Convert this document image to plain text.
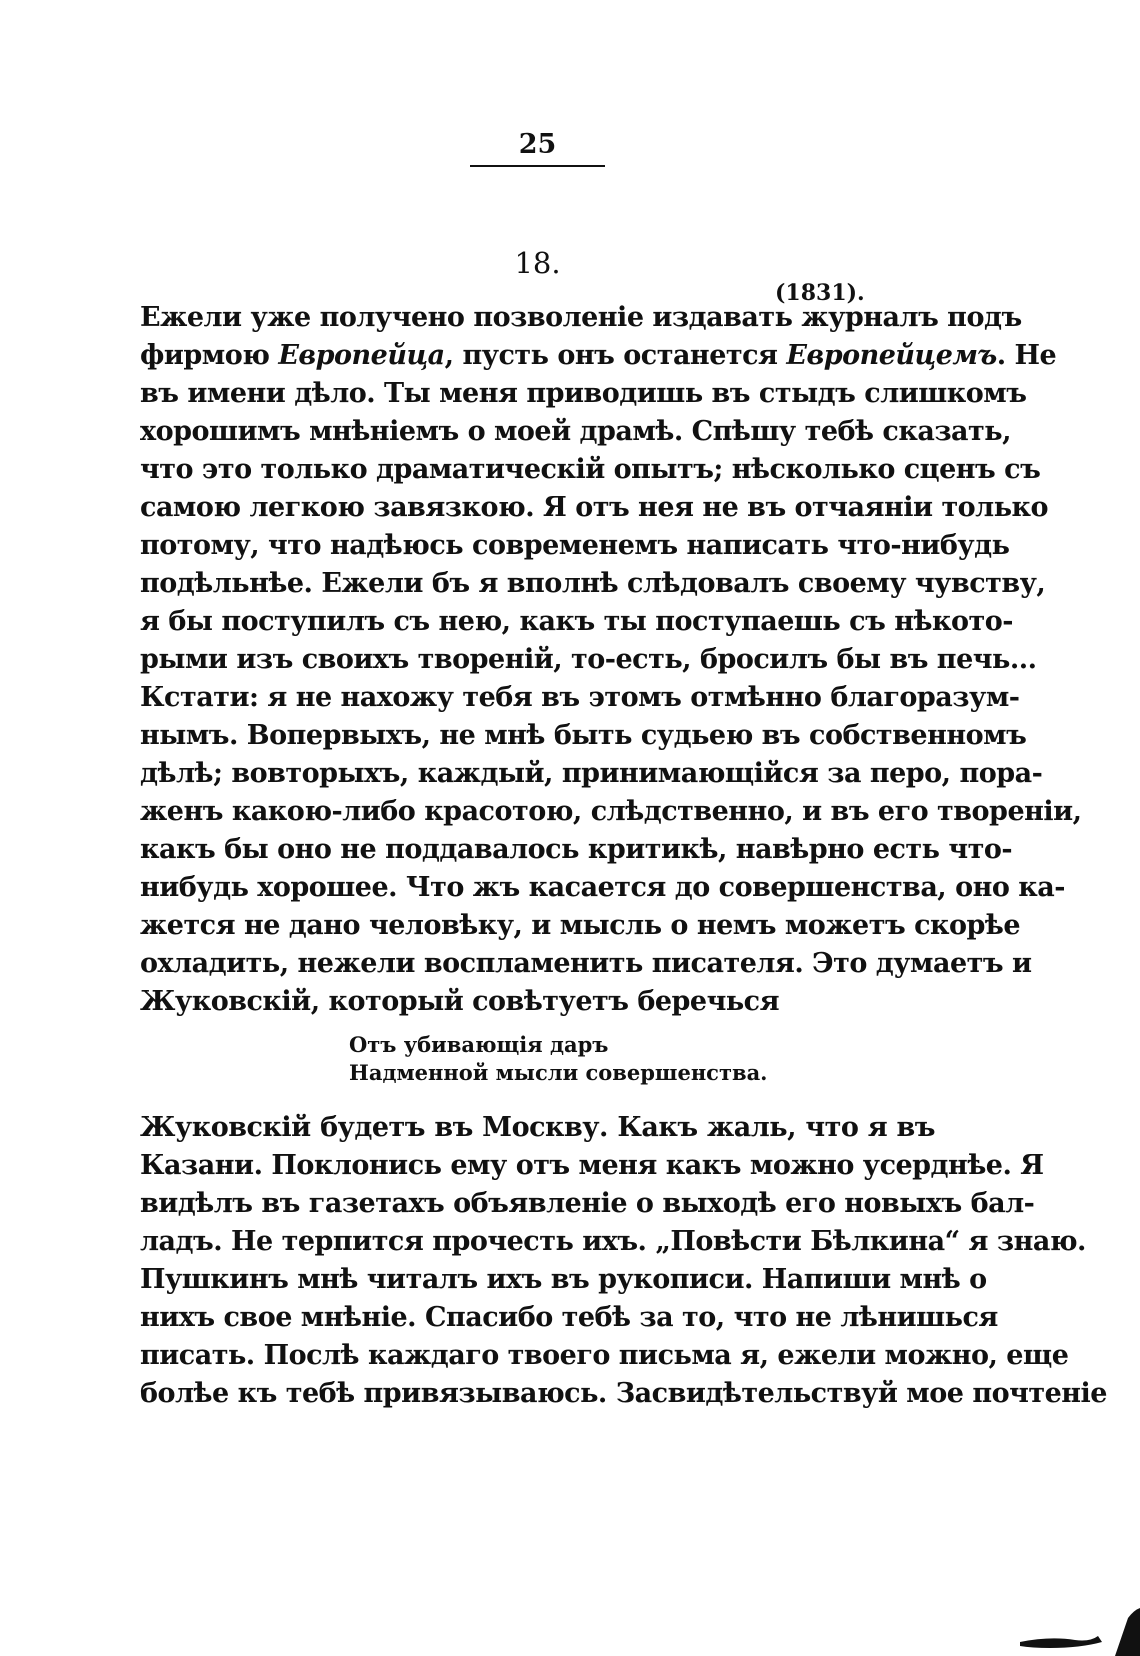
25
18.
(1831).
Ежели уже получено позволеніе издавать журналъ подъ
фирмою Европейца, пусть онъ останется Европейцемъ. Не
въ имени дѣло. Ты меня приводишь въ стыдъ слишкомъ
хорошимъ мнѣніемъ о моей драмѣ. Спѣшу тебѣ сказать,
что это только драматическій опытъ; нѣсколько сценъ съ
самою легкою завязкою. Я отъ нея не въ отчаяніи только
потому, что надѣюсь современемъ написать что-нибудь
подѣльнѣе. Ежели бъ я вполнѣ слѣдовалъ своему чувству,
я бы поступилъ съ нею, какъ ты поступаешь съ нѣкото-
рыми изъ своихъ твореній, то-есть, бросилъ бы въ печь...
Кстати: я не нахожу тебя въ этомъ отмѣнно благоразум-
нымъ. Вопервыхъ, не мнѣ быть судьею въ собственномъ
дѣлѣ; вовторыхъ, каждый, принимающійся за перо, пора-
женъ какою-либо красотою, слѣдственно, и въ его творенiи,
какъ бы оно не поддавалось критикѣ, навѣрно есть что-
нибудь хорошее. Что жъ касается до совершенства, оно ка-
жется не дано человѣку, и мысль о немъ можетъ скорѣе
охладить, нежели воспламенить писателя. Это думаетъ и
Жуковскій, который совѣтуетъ беречься
Отъ убивающія даръ
Надменной мысли совершенства.
Жуковскій будетъ въ Москву. Какъ жаль, что я въ
Казани. Поклонись ему отъ меня какъ можно усерднѣе. Я
видѣлъ въ газетахъ объявленіе о выходѣ его новыхъ бал-
ладъ. Не терпится прочесть ихъ. „Повѣсти Бѣлкина“ я знаю.
Пушкинъ мнѣ читалъ ихъ въ рукописи. Напиши мнѣ о
нихъ свое мнѣніе. Спасибо тебѣ за то, что не лѣнишься
писать. Послѣ каждаго твоего письма я, ежели можно, еще
болѣе къ тебѣ привязываюсь. Засвидѣтельствуй мое почтеніе
